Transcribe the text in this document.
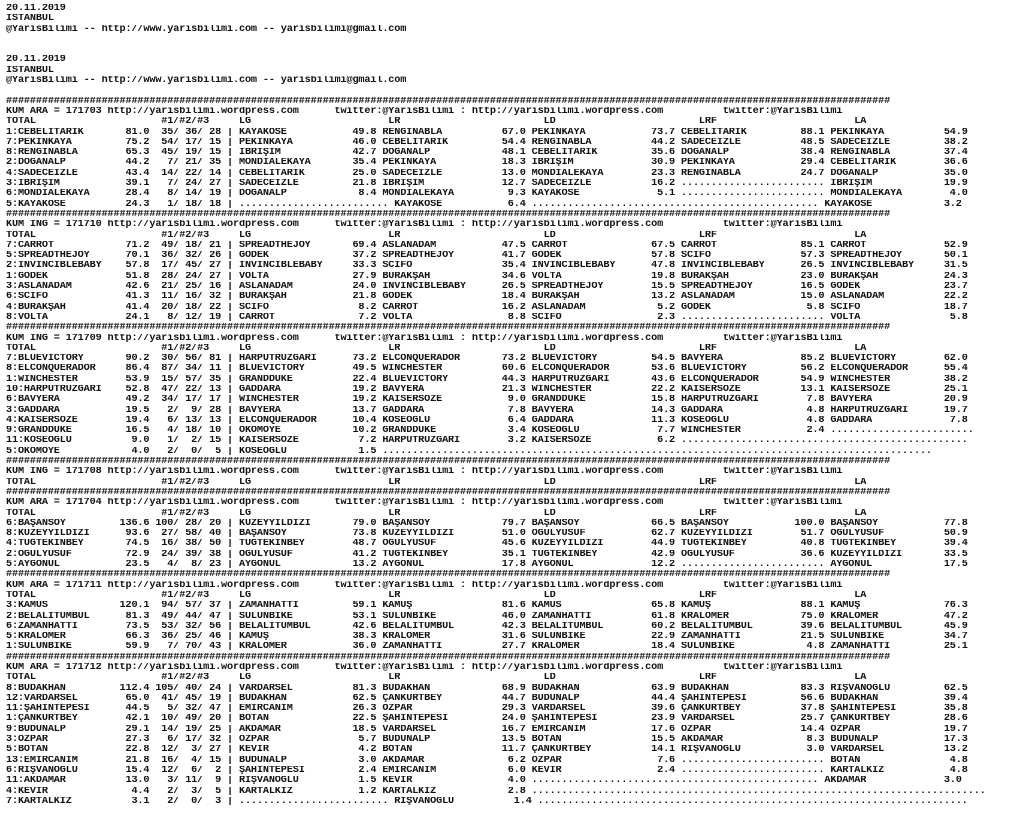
20.11.2019
ISTANBUL
@YarisBilimi -- http://www.yarisbilimi.com -- yarisbilimi@gmail.com

20.11.2019
ISTANBUL
@YarisBilimi -- http://www.yarisbilimi.com -- yarisbilimi@gmail.com

####################################################################################################################################################
KUM ARA = 171703 http://yarisbilimi.wordpress.com      twitter:@YarisBilimi : http://yarisbilimi.wordpress.com          twitter:@YarisBilimi
TOTAL                     #1/#2/#3     LG                       LR                        LD                        LRF                       LA
1:CEBELİTARIK       81.0  35/ 36/ 28 | KAYAKÖSE           49.8 RENGİNABLA          67.0 PEKİNKAYA           73.7 CEBELİTARIK         88.1 PEKİNKAYA          54.9
7:PEKİNKAYA         75.2  54/ 17/ 15 | PEKİNKAYA          46.0 CEBELİTARIK         54.4 RENGİNABLA          44.2 SADECEİZLE          48.5 SADECEİZLE         38.2
8:RENGİNABLA        65.3  45/ 19/ 15 | İBRİŞİM            42.7 DOĞANALP            48.1 CEBELİTARIK         35.6 DOĞANALP            38.4 RENGİNABLA         37.4
2:DOĞANALP          44.2   7/ 21/ 35 | MONDİALEKAYA       35.4 PEKİNKAYA           18.3 İBRİŞİM             30.9 PEKİNKAYA           29.4 CEBELİTARIK        36.6
4:SADECEİZLE        43.4  14/ 22/ 14 | CEBELİTARIK        25.0 SADECEİZLE          13.0 MONDİALEKAYA        23.3 RENGİNABLA          24.7 DOĞANALP           35.0
3:İBRİŞİM           39.1   7/ 24/ 27 | SADECEİZLE         21.8 İBRİŞİM             12.7 SADECEİZLE          16.2 ........................ İBRİŞİM            19.9
6:MONDİALEKAYA      28.4   8/ 14/ 19 | DOĞANALP            8.4 MONDİALEKAYA         9.3 KAYAKÖSE             5.1 ........................ MONDİALEKAYA        4.0
5:KAYAKÖSE          24.3   1/ 18/ 18 | ......................... KAYAKÖSE           6.4 ................................................ KAYAKÖSE            3.2
####################################################################################################################################################
KUM İNG = 171710 http://yarisbilimi.wordpress.com      twitter:@YarisBilimi : http://yarisbilimi.wordpress.com          twitter:@YarisBilimi
TOTAL                     #1/#2/#3     LG                       LR                        LD                        LRF                       LA
7:CARROT            71.2  49/ 18/ 21 | SPREADTHEJOY       69.4 ASLANADAM           47.5 CARROT              67.5 CARROT              85.1 CARROT             52.9
5:SPREADTHEJOY      70.1  36/ 32/ 26 | GODEK              37.2 SPREADTHEJOY        41.7 GODEK               57.8 SCIFO               57.3 SPREADTHEJOY       50.1
2:INVINCIBLEBABY    57.8  17/ 45/ 27 | INVINCIBLEBABY     33.3 SCIFO               35.4 INVINCIBLEBABY      47.8 INVINCIBLEBABY      26.5 INVINCIBLEBABY     31.5
1:GODEK             51.8  28/ 24/ 27 | VOLTA              27.9 BURAKŞAH            34.6 VOLTA               19.8 BURAKŞAH            23.0 BURAKŞAH           24.3
3:ASLANADAM         42.6  21/ 25/ 16 | ASLANADAM          24.0 INVINCIBLEBABY      26.5 SPREADTHEJOY        15.5 SPREADTHEJOY        16.5 GODEK              23.7
6:SCIFO             41.3  11/ 16/ 32 | BURAKŞAH           21.8 GODEK               18.4 BURAKŞAH            13.2 ASLANADAM           15.0 ASLANADAM          22.2
4:BURAKŞAH          41.4  20/ 18/ 22 | SCIFO               8.2 CARROT              16.2 ASLANADAM            5.2 GODEK                5.8 SCIFO              18.7
8:VOLTA             24.1   8/ 12/ 19 | CARROT              7.2 VOLTA                8.8 SCIFO                2.3 ........................ VOLTA               5.8
####################################################################################################################################################
KUM İNG = 171709 http://yarisbilimi.wordpress.com      twitter:@YarisBilimi : http://yarisbilimi.wordpress.com          twitter:@YarisBilimi
TOTAL                     #1/#2/#3     LG                       LR                        LD                        LRF                       LA
7:BLUEVICTORY       90.2  30/ 56/ 81 | HARPUTRÜZGARI      73.2 ELCONQUERADOR       73.2 BLUEVICTORY         54.5 BAVYERA             85.2 BLUEVICTORY        62.0
8:ELCONQUERADOR     86.4  87/ 34/ 11 | BLUEVICTORY        49.5 WINCHESTER          60.6 ELCONQUERADOR       53.6 BLUEVICTORY         56.2 ELCONQUERADOR      55.4
1:WINCHESTER        53.9  15/ 57/ 35 | GRANDDUKE          22.4 BLUEVICTORY         44.3 HARPUTRÜZGARI       43.6 ELCONQUERADOR       54.9 WINCHESTER         38.2
10:HARPUTRÜZGARI    52.8  47/ 22/ 13 | GADDARA            19.2 BAVYERA             21.3 WINCHESTER          22.2 KAISERSOZE          13.1 KAISERSOZE         25.1
6:BAVYERA           49.2  34/ 17/ 17 | WINCHESTER         19.2 KAISERSOZE           9.0 GRANDDUKE           15.8 HARPUTRÜZGARI        7.8 BAVYERA            20.9
3:GADDARA           19.5   2/  9/ 28 | BAVYERA            13.7 GADDARA              7.8 BAVYERA             14.3 GADDARA              4.8 HARPUTRÜZGARI      19.7
4:KAISERSOZE        19.4   6/ 13/ 13 | ELCONQUERADOR      10.4 KOSEOĞLU             6.4 GADDARA             11.3 KOSEOĞLU             4.8 GADDARA             7.8
9:GRANDDUKE         16.5   4/ 18/ 10 | OKOMOYE            10.2 GRANDDUKE            3.4 KOSEOĞLU             7.7 WINCHESTER           2.4 ........................
11:KOSEOĞLU          9.0   1/  2/ 15 | KAISERSOZE          7.2 HARPUTRÜZGARI        3.2 KAISERSOZE           6.2 ................................................
5:OKOMOYE            4.0   2/  0/  5 | KOSEOĞLU            1.5 ............................................................................................
####################################################################################################################################################
KUM İNG = 171708 http://yarisbilimi.wordpress.com      twitter:@YarisBilimi : http://yarisbilimi.wordpress.com          twitter:@YarisBilimi
TOTAL                     #1/#2/#3     LG                       LR                        LD                        LRF                       LA
####################################################################################################################################################
KUM ARA = 171704 http://yarisbilimi.wordpress.com      twitter:@YarisBilimi : http://yarisbilimi.wordpress.com          twitter:@YarisBilimi
TOTAL                     #1/#2/#3     LG                       LR                        LD                        LRF                       LA
6:BAŞANSOY         136.6 100/ 28/ 20 | KUZEYYILDIZI       79.0 BAŞANSOY            79.7 BAŞANSOY            66.5 BAŞANSOY           100.0 BAŞANSOY           77.8
8:KUZEYYILDIZI      93.6  27/ 58/ 40 | BAŞANSOY           73.8 KUZEYYILDIZI        51.0 OĞULYUSUF           62.7 KUZEYYILDIZI        51.7 OĞULYUSUF          50.9
4:TUĞTEKİNBEY       74.5  16/ 38/ 50 | TUĞTEKİNBEY        48.7 OĞULYUSUF           45.6 KUZEYYILDIZI        44.9 TUĞTEKİNBEY         40.8 TUĞTEKİNBEY        39.4
2:OĞULYUSUF         72.9  24/ 39/ 38 | OĞULYUSUF          41.2 TUĞTEKİNBEY         35.1 TUĞTEKİNBEY         42.9 OĞULYUSUF           36.6 KUZEYYILDIZI       33.5
5:AYGÖNÜL           23.5   4/  8/ 23 | AYGÖNÜL            13.2 AYGÖNÜL             17.8 AYGÖNÜL             12.2 ........................ AYGÖNÜL            17.5
####################################################################################################################################################
KUM ARA = 171711 http://yarisbilimi.wordpress.com      twitter:@YarisBilimi : http://yarisbilimi.wordpress.com          twitter:@YarisBilimi
TOTAL                     #1/#2/#3     LG                       LR                        LD                        LRF                       LA
3:KAMUS            120.1  94/ 57/ 37 | ZAMANHATTI         59.1 KAMUŞ               81.6 KAMUS               65.8 KAMUŞ               88.1 KAMUŞ              76.3
2:BELALITUMBUL      81.3  49/ 44/ 47 | SULUNBİKE          53.1 SULUNBİKE           46.0 ZAMANHATTI          61.8 KRALOMER            75.0 KRALOMER           47.2
6:ZAMANHATTI        73.5  53/ 32/ 56 | BELALITUMBUL       42.6 BELALITUMBUL        42.3 BELALITUMBUL        60.2 BELALITUMBUL        39.6 BELALITUMBUL       45.9
5:KRALOMER          66.3  36/ 25/ 46 | KAMUŞ              38.3 KRALOMER            31.6 SULUNBİKE           22.9 ZAMANHATTI          21.5 SULUNBİKE          34.7
1:SULUNBİKE         59.9   7/ 70/ 43 | KRALOMER           36.0 ZAMANHATTI          27.7 KRALOMER            18.4 SULUNBİKE            4.8 ZAMANHATTI         25.1
####################################################################################################################################################
KUM ARA = 171712 http://yarisbilimi.wordpress.com      twitter:@YarisBilimi : http://yarisbilimi.wordpress.com          twitter:@YarisBilimi
TOTAL                     #1/#2/#3     LG                       LR                        LD                        LRF                       LA
8:BUDAKHAN         112.4 105/ 40/ 24 | VARDARSEL          81.3 BUDAKHAN            68.9 BUDAKHAN            63.9 BUDAKHAN            83.3 RIŞVANOĞLU         62.5
12:VARDARSEL        65.0  41/ 45/ 19 | BUDAKHAN           62.5 ÇANKURTBEY          44.7 BUDUNALP            44.4 ŞAHİNTEPESİ         56.6 BUDAKHAN           39.4
11:ŞAHİNTEPESİ      44.5   5/ 32/ 47 | EMİRCANIM          26.3 ÖZPAR               29.3 VARDARSEL           39.6 ÇANKURTBEY          37.8 ŞAHİNTEPESİ        35.8
1:ÇANKURTBEY        42.1  10/ 49/ 20 | BOTAN              22.5 ŞAHİNTEPESİ         24.0 ŞAHİNTEPESİ         23.9 VARDARSEL           25.7 ÇANKURTBEY         28.6
9:BUDUNALP          29.1  14/ 19/ 25 | AKDAMAR            18.5 VARDARSEL           16.7 EMİRCANIM           17.6 ÖZPAR               14.4 ÖZPAR              19.7
3:ÖZPAR             27.3   6/ 17/ 32 | ÖZPAR               5.7 BUDUNALP            13.5 BOTAN               15.5 AKDAMAR              8.3 BUDUNALP           17.3
5:BOTAN             22.8  12/  3/ 27 | KEVİR               4.2 BOTAN               11.7 ÇANKURTBEY          14.1 RIŞVANOĞLU           3.0 VARDARSEL          13.2
13:EMİRCANIM        21.8  16/  4/ 15 | BUDUNALP            3.0 AKDAMAR              6.2 ÖZPAR                7.6 ........................ BOTAN               4.8
6:RIŞVANOĞLU        15.4  12/  6/  2 | ŞAHİNTEPESİ         2.4 EMİRCANIM            6.0 KEVİR                2.4 ........................ KARTALKIZ           4.8
11:AKDAMAR          13.0   3/ 11/  9 | RIŞVANOĞLU          1.5 KEVİR                4.0 ................................................ AKDAMAR             3.0
4:KEVİR              4.4   2/  3/  5 | KARTALKIZ           1.2 KARTALKIZ            2.8 ............................................................................
7:KARTALKIZ          3.1   2/  0/  3 | ......................... RIŞVANOĞLU          1.4 ........................................................................
